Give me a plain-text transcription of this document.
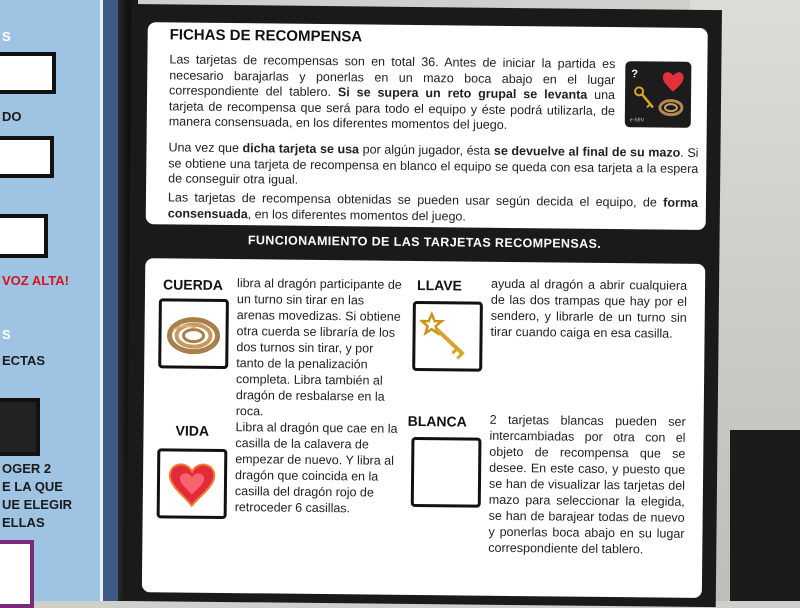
S
DO
VOZ ALTA!
S
ECTAS
OGER 2
E LA QUE
UE ELEGIR
ELLAS
FICHAS DE RECOMPENSA
Las tarjetas de recompensas son en total 36. Antes de iniciar la partida es necesario barajarlas y ponerlas en un mazo boca abajo en el lugar correspondiente del tablero. Si se supera un reto grupal se levanta una tarjeta de recompensa que será para todo el equipo y éste podrá utilizarla, de manera consensuada, en los diferentes momentos del juego.
?
e-SEV
Una vez que dicha tarjeta se usa por algún jugador, ésta se devuelve al final de su mazo. Si se obtiene una tarjeta de recompensa en blanco el equipo se queda con esa tarjeta a la espera de conseguir otra igual.
Las tarjetas de recompensa obtenidas se pueden usar según decida el equipo, de forma consensuada, en los diferentes momentos del juego.
FUNCIONAMIENTO DE LAS TARJETAS RECOMPENSAS.
CUERDA libra al dragón participante de un turno sin tirar en las arenas movedizas. Si obtiene otra cuerda se libraría de los dos turnos sin tirar, y por tanto de la penalización completa. Libra también al dragón de resbalarse en la roca.
LLAVE ayuda al dragón a abrir cualquiera de las dos trampas que hay por el sendero, y librarle de un turno sin tirar cuando caiga en esa casilla.
VIDA Libra al dragón que cae en la casilla de la calavera de empezar de nuevo. Y libra al dragón que coincida en la casilla del dragón rojo de retroceder 6 casillas.
BLANCA 2 tarjetas blancas pueden ser intercambiadas por otra con el objeto de recompensa que se desee. En este caso, y puesto que se han de visualizar las tarjetas del mazo para seleccionar la elegida, se han de barajear todas de nuevo y ponerlas boca abajo en su lugar correspondiente del tablero.
